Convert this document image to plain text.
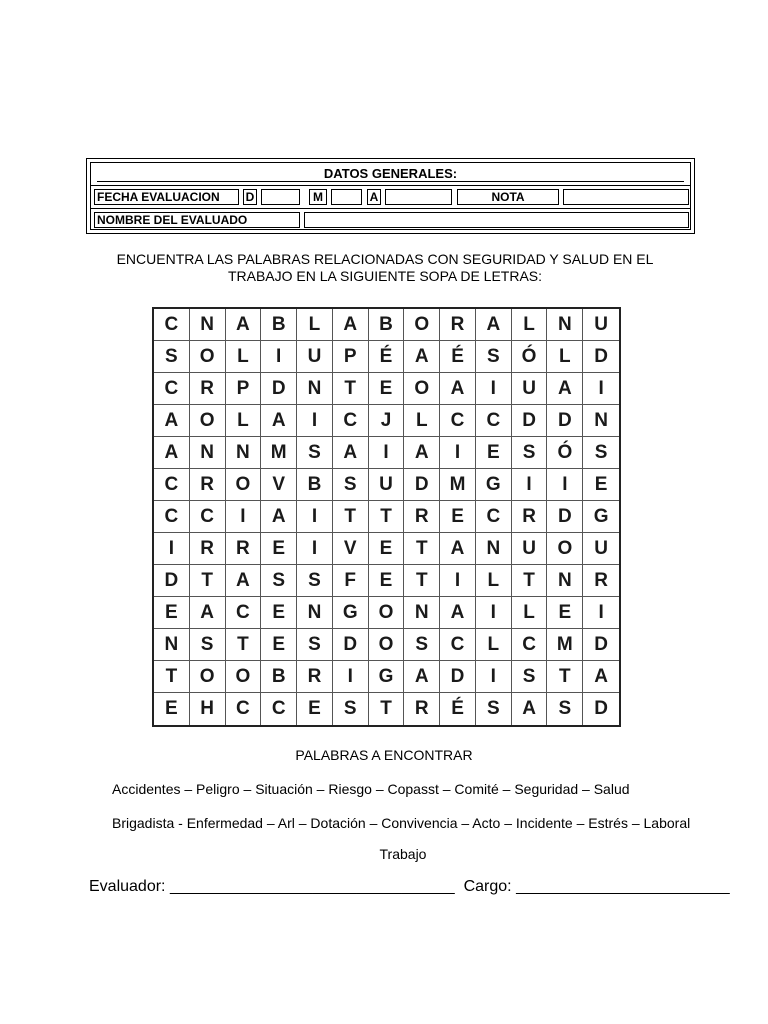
DATOS GENERALES:
FECHA EVALUACION	D	M	A	NOTA
NOMBRE DEL EVALUADO
ENCUENTRA LAS PALABRAS RELACIONADAS CON SEGURIDAD Y SALUD EN EL
TRABAJO EN LA SIGUIENTE SOPA DE LETRAS:
C	N	A	B	L	A	B	O	R	A	L	N	U
S	O	L	I	U	P	É	A	É	S	Ó	L	D
C	R	P	D	N	T	E	O	A	I	U	A	I
A	O	L	A	I	C	J	L	C	C	D	D	N
A	N	N	M	S	A	I	A	I	E	S	Ó	S
C	R	O	V	B	S	U	D	M	G	I	I	E
C	C	I	A	I	T	T	R	E	C	R	D	G
I	R	R	E	I	V	E	T	A	N	U	O	U
D	T	A	S	S	F	E	T	I	L	T	N	R
E	A	C	E	N	G	O	N	A	I	L	E	I
N	S	T	E	S	D	O	S	C	L	C	M	D
T	O	O	B	R	I	G	A	D	I	S	T	A
E	H	C	C	E	S	T	R	É	S	A	S	D
PALABRAS A ENCONTRAR
Accidentes – Peligro – Situación – Riesgo – Copasst – Comité – Seguridad – Salud
Brigadista - Enfermedad – Arl – Dotación – Convivencia – Acto – Incidente – Estrés – Laboral
Trabajo
Evaluador: ________________________________ Cargo: ________________________
